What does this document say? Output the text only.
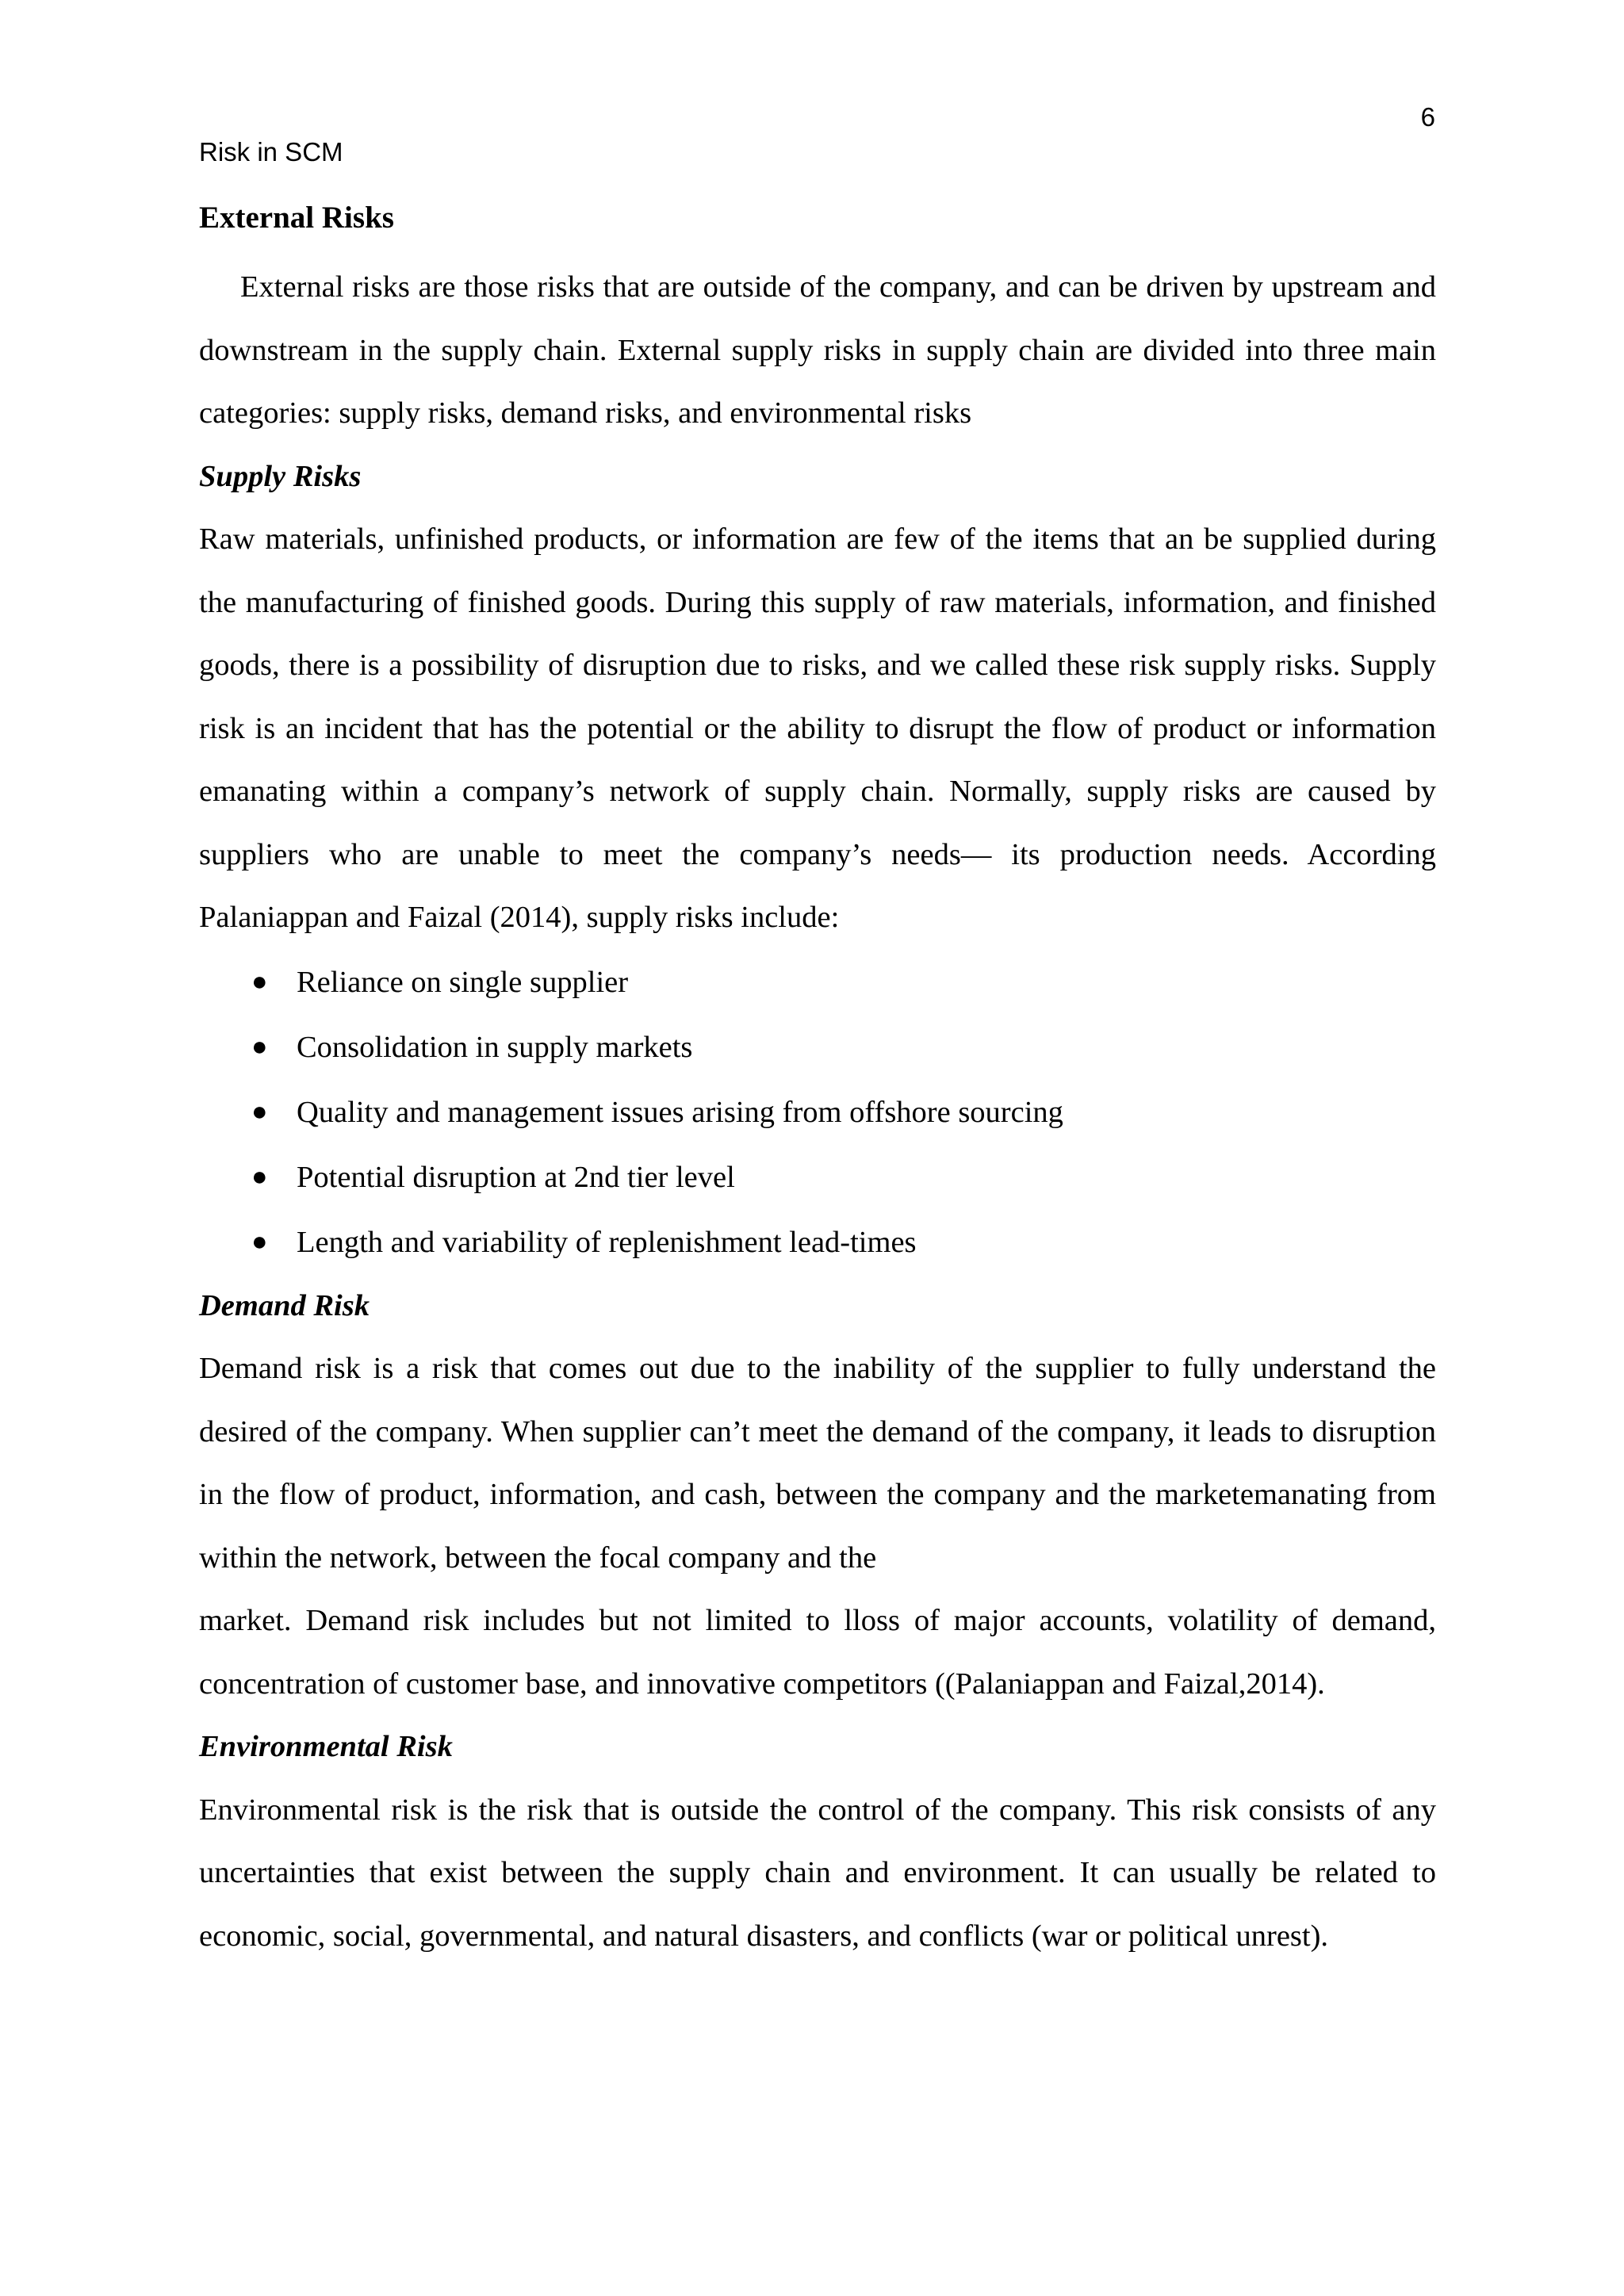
6
Risk in SCM
External Risks

External risks are those risks that are outside of the company, and can be driven by upstream and downstream in the supply chain. External supply risks in supply chain are divided into three main categories: supply risks, demand risks, and environmental risks

Supply Risks

Raw materials, unfinished products, or information are few of the items that an be supplied during the manufacturing of finished goods. During this supply of raw materials, information, and finished goods, there is a possibility of disruption due to risks, and we called these risk supply risks. Supply risk is an incident that has the potential or the ability to disrupt the flow of product or information emanating within a company’s network of supply chain. Normally, supply risks are caused by suppliers who are unable to meet the company’s needs— its production needs. According Palaniappan and Faizal (2014), supply risks include:

● Reliance on single supplier
● Consolidation in supply markets
● Quality and management issues arising from offshore sourcing
● Potential disruption at 2nd tier level
● Length and variability of replenishment lead-times
Demand Risk

Demand risk is a risk that comes out due to the inability of the supplier to fully understand the desired of the company. When supplier can’t meet the demand of the company, it leads to disruption in the flow of product, information, and cash, between the company and the marketemanating from within the network, between the focal company and the

market. Demand risk includes but not limited to lloss of major accounts, volatility of demand, concentration of customer base, and innovative competitors ((Palaniappan and Faizal,2014).

Environmental Risk

Environmental risk is the risk that is outside the control of the company. This risk consists of any uncertainties that exist between the supply chain and environment. It can usually be related to economic, social, governmental, and natural disasters, and conflicts (war or political unrest).
